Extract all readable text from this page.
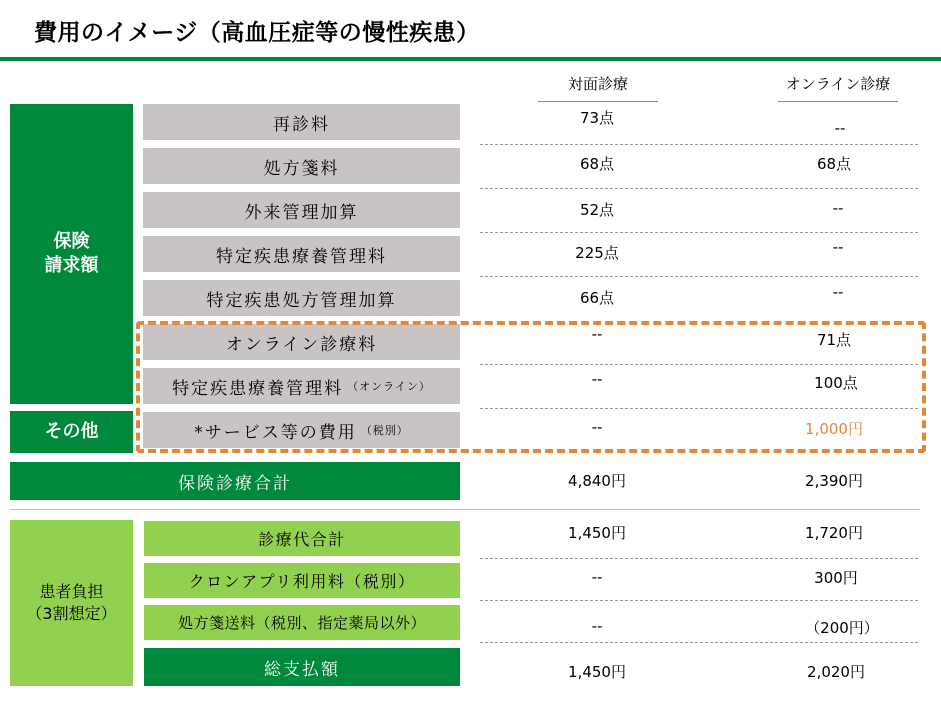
費用のイメージ（高血圧症等の慢性疾患）
対面診療	オンライン診療
保険
請求額
その他
患者負担
（3割想定）
再診料
処方箋料
外来管理加算
特定疾患療養管理料
特定疾患処方管理加算
オンライン診療料
特定疾患療養管理料 （オンライン）
*サービス等の費用 （税別）
保険診療合計
診療代合計
クロンアプリ利用料（税別）
処方箋送料（税別、指定薬局以外）
総支払額
73点
68点
52点
225点
66点
--
--
--
4,840円
1,450円
--
--
1,450円
--
68点
--
--
--
71点
100点
1,000円
2,390円
1,720円
300円
（200円）
2,020円
